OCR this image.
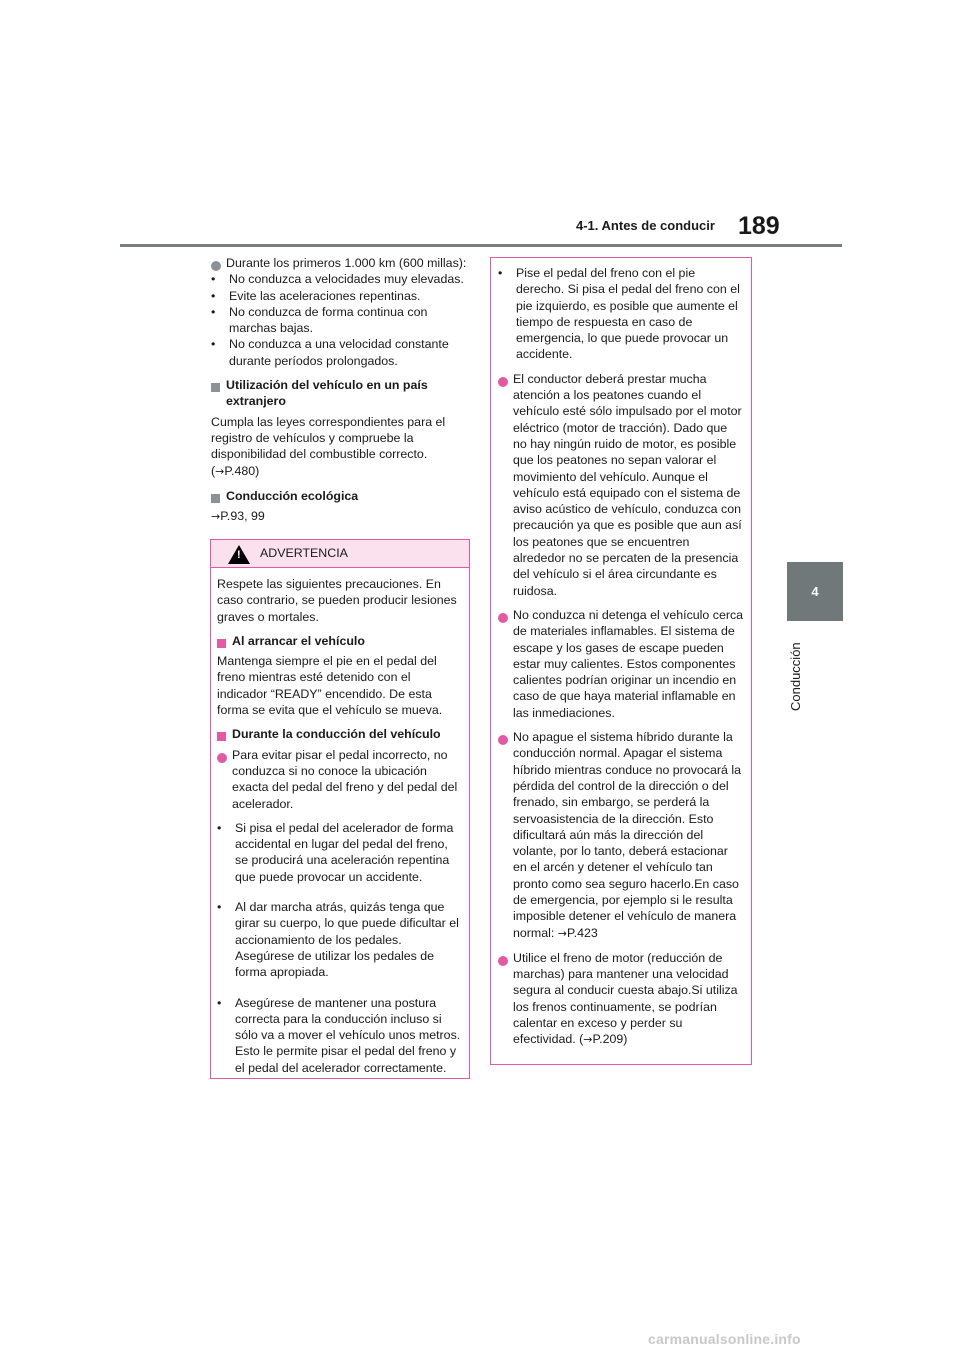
4-1. Antes de conducir 189
4
Conducción
Durante los primeros 1.000 km (600 millas):
• No conduzca a velocidades muy elevadas.
• Evite las aceleraciones repentinas.
• No conduzca de forma continua con marchas bajas.
• No conduzca a una velocidad constante durante períodos prolongados.
Utilización del vehículo en un país extranjero

Cumpla las leyes correspondientes para el registro de vehículos y compruebe la disponibilidad del combustible correcto. (→P.480)

Conducción ecológica

→P.93, 99

! ADVERTENCIA

Respete las siguientes precauciones. En caso contrario, se pueden producir lesiones graves o mortales.

Al arrancar el vehículo

Mantenga siempre el pie en el pedal del freno mientras esté detenido con el indicador “READY” encendido. De esta forma se evita que el vehículo se mueva.

Durante la conducción del vehículo
Para evitar pisar el pedal incorrecto, no conduzca si no conoce la ubicación exacta del pedal del freno y del pedal del acelerador.
• Si pisa el pedal del acelerador de forma accidental en lugar del pedal del freno, se producirá una aceleración repentina que puede provocar un accidente.
• Al dar marcha atrás, quizás tenga que girar su cuerpo, lo que puede dificultar el accionamiento de los pedales. Asegúrese de utilizar los pedales de forma apropiada.
• Asegúrese de mantener una postura correcta para la conducción incluso si sólo va a mover el vehículo unos metros. Esto le permite pisar el pedal del freno y el pedal del acelerador correctamente.
• Pise el pedal del freno con el pie derecho. Si pisa el pedal del freno con el pie izquierdo, es posible que aumente el tiempo de respuesta en caso de emergencia, lo que puede provocar un accidente.
El conductor deberá prestar mucha atención a los peatones cuando el vehículo esté sólo impulsado por el motor eléctrico (motor de tracción). Dado que no hay ningún ruido de motor, es posible que los peatones no sepan valorar el movimiento del vehículo. Aunque el vehículo está equipado con el sistema de aviso acústico de vehículo, conduzca con precaución ya que es posible que aun así los peatones que se encuentren alrededor no se percaten de la presencia del vehículo si el área circundante es ruidosa.
No conduzca ni detenga el vehículo cerca de materiales inflamables. El sistema de escape y los gases de escape pueden estar muy calientes. Estos componentes calientes podrían originar un incendio en caso de que haya material inflamable en las inmediaciones.
No apague el sistema híbrido durante la conducción normal. Apagar el sistema híbrido mientras conduce no provocará la pérdida del control de la dirección o del frenado, sin embargo, se perderá la servoasistencia de la dirección. Esto dificultará aún más la dirección del volante, por lo tanto, deberá estacionar en el arcén y detener el vehículo tan pronto como sea seguro hacerlo.En caso de emergencia, por ejemplo si le resulta imposible detener el vehículo de manera normal: →P.423
Utilice el freno de motor (reducción de marchas) para mantener una velocidad segura al conducir cuesta abajo.Si utiliza los frenos continuamente, se podrían calentar en exceso y perder su efectividad. (→P.209)
carmanualsonline.info
